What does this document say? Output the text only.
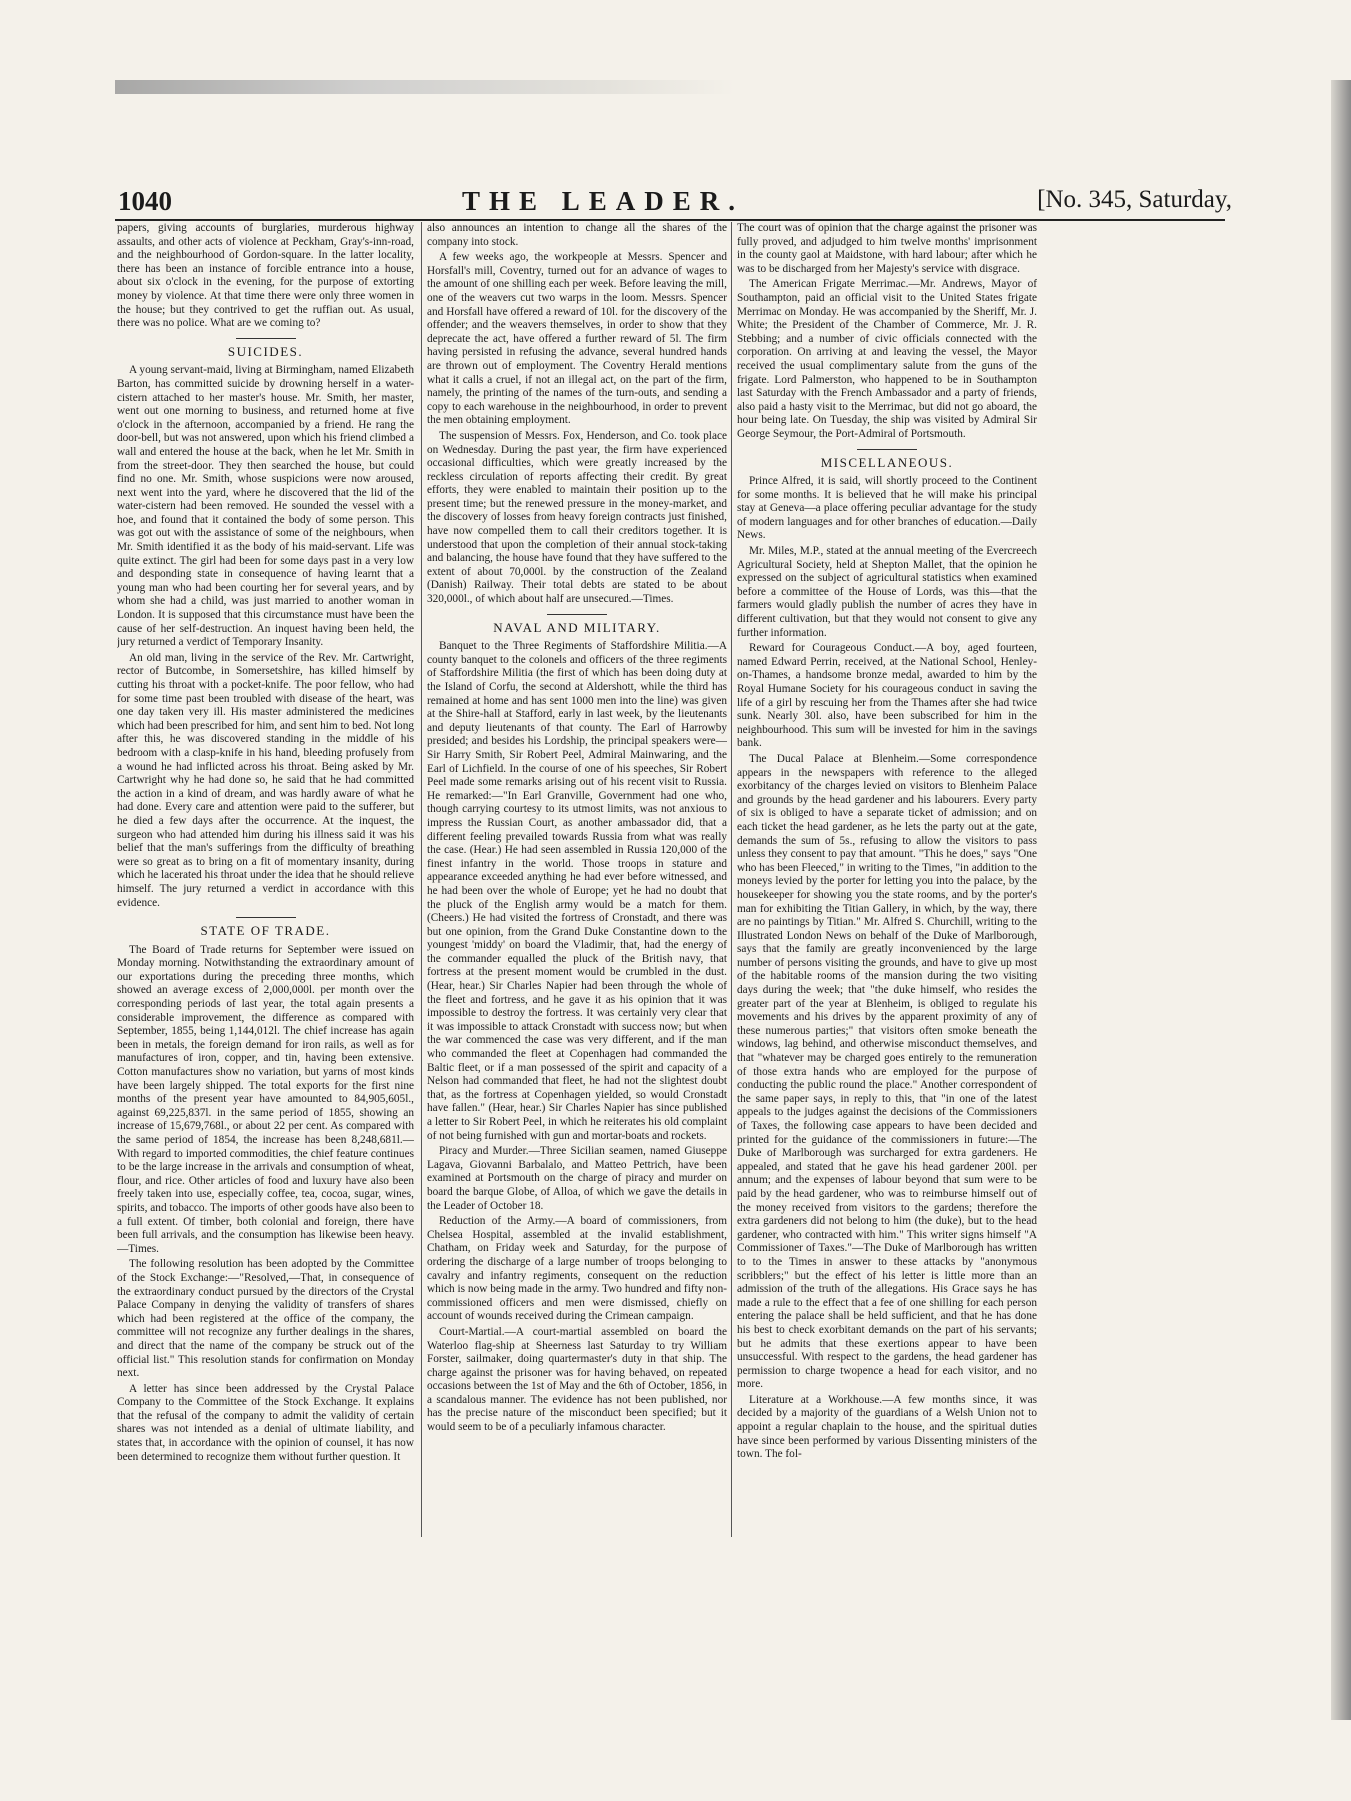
1040	THE LEADER.	[No. 345, Saturday,

papers, giving accounts of burglaries, murderous highway assaults, and other acts of violence at Peckham, Gray's-inn-road, and the neighbourhood of Gordon-square. In the latter locality, there has been an instance of forcible entrance into a house, about six o'clock in the evening, for the purpose of extorting money by violence. At that time there were only three women in the house; but they contrived to get the ruffian out. As usual, there was no police. What are we coming to?

SUICIDES.

A young servant-maid, living at Birmingham, named Elizabeth Barton, has committed suicide by drowning herself in a water-cistern attached to her master's house. Mr. Smith, her master, went out one morning to business, and returned home at five o'clock in the afternoon, accompanied by a friend. He rang the door-bell, but was not answered, upon which his friend climbed a wall and entered the house at the back, when he let Mr. Smith in from the street-door. They then searched the house, but could find no one. Mr. Smith, whose suspicions were now aroused, next went into the yard, where he discovered that the lid of the water-cistern had been removed. He sounded the vessel with a hoe, and found that it contained the body of some person. This was got out with the assistance of some of the neighbours, when Mr. Smith identified it as the body of his maid-servant. Life was quite extinct. The girl had been for some days past in a very low and desponding state in consequence of having learnt that a young man who had been courting her for several years, and by whom she had a child, was just married to another woman in London. It is supposed that this circumstance must have been the cause of her self-destruction. An inquest having been held, the jury returned a verdict of Temporary Insanity.

An old man, living in the service of the Rev. Mr. Cartwright, rector of Butcombe, in Somersetshire, has killed himself by cutting his throat with a pocket-knife. The poor fellow, who had for some time past been troubled with disease of the heart, was one day taken very ill. His master administered the medicines which had been prescribed for him, and sent him to bed. Not long after this, he was discovered standing in the middle of his bedroom with a clasp-knife in his hand, bleeding profusely from a wound he had inflicted across his throat. Being asked by Mr. Cartwright why he had done so, he said that he had committed the action in a kind of dream, and was hardly aware of what he had done. Every care and attention were paid to the sufferer, but he died a few days after the occurrence. At the inquest, the surgeon who had attended him during his illness said it was his belief that the man's sufferings from the difficulty of breathing were so great as to bring on a fit of momentary insanity, during which he lacerated his throat under the idea that he should relieve himself. The jury returned a verdict in accordance with this evidence.

STATE OF TRADE.

The Board of Trade returns for September were issued on Monday morning. Notwithstanding the extraordinary amount of our exportations during the preceding three months, which showed an average excess of 2,000,000l. per month over the corresponding periods of last year, the total again presents a considerable improvement, the difference as compared with September, 1855, being 1,144,012l. The chief increase has again been in metals, the foreign demand for iron rails, as well as for manufactures of iron, copper, and tin, having been extensive. Cotton manufactures show no variation, but yarns of most kinds have been largely shipped. The total exports for the first nine months of the present year have amounted to 84,905,605l., against 69,225,837l. in the same period of 1855, showing an increase of 15,679,768l., or about 22 per cent. As compared with the same period of 1854, the increase has been 8,248,681l.—With regard to imported commodities, the chief feature continues to be the large increase in the arrivals and consumption of wheat, flour, and rice. Other articles of food and luxury have also been freely taken into use, especially coffee, tea, cocoa, sugar, wines, spirits, and tobacco. The imports of other goods have also been to a full extent. Of timber, both colonial and foreign, there have been full arrivals, and the consumption has likewise been heavy.—Times.

The following resolution has been adopted by the Committee of the Stock Exchange:—"Resolved,—That, in consequence of the extraordinary conduct pursued by the directors of the Crystal Palace Company in denying the validity of transfers of shares which had been registered at the office of the company, the committee will not recognize any further dealings in the shares, and direct that the name of the company be struck out of the official list." This resolution stands for confirmation on Monday next.

A letter has since been addressed by the Crystal Palace Company to the Committee of the Stock Exchange. It explains that the refusal of the company to admit the validity of certain shares was not intended as a denial of ultimate liability, and states that, in accordance with the opinion of counsel, it has now been determined to recognize them without further question. It

also announces an intention to change all the shares of the company into stock.

A few weeks ago, the workpeople at Messrs. Spencer and Horsfall's mill, Coventry, turned out for an advance of wages to the amount of one shilling each per week. Before leaving the mill, one of the weavers cut two warps in the loom. Messrs. Spencer and Horsfall have offered a reward of 10l. for the discovery of the offender; and the weavers themselves, in order to show that they deprecate the act, have offered a further reward of 5l. The firm having persisted in refusing the advance, several hundred hands are thrown out of employment. The Coventry Herald mentions what it calls a cruel, if not an illegal act, on the part of the firm, namely, the printing of the names of the turn-outs, and sending a copy to each warehouse in the neighbourhood, in order to prevent the men obtaining employment.

The suspension of Messrs. Fox, Henderson, and Co. took place on Wednesday. During the past year, the firm have experienced occasional difficulties, which were greatly increased by the reckless circulation of reports affecting their credit. By great efforts, they were enabled to maintain their position up to the present time; but the renewed pressure in the money-market, and the discovery of losses from heavy foreign contracts just finished, have now compelled them to call their creditors together. It is understood that upon the completion of their annual stock-taking and balancing, the house have found that they have suffered to the extent of about 70,000l. by the construction of the Zealand (Danish) Railway. Their total debts are stated to be about 320,000l., of which about half are unsecured.—Times.

NAVAL AND MILITARY.

Banquet to the Three Regiments of Staffordshire Militia.—A county banquet to the colonels and officers of the three regiments of Staffordshire Militia (the first of which has been doing duty at the Island of Corfu, the second at Aldershott, while the third has remained at home and has sent 1000 men into the line) was given at the Shire-hall at Stafford, early in last week, by the lieutenants and deputy lieutenants of that county. The Earl of Harrowby presided; and besides his Lordship, the principal speakers were—Sir Harry Smith, Sir Robert Peel, Admiral Mainwaring, and the Earl of Lichfield. In the course of one of his speeches, Sir Robert Peel made some remarks arising out of his recent visit to Russia. He remarked:—"In Earl Granville, Government had one who, though carrying courtesy to its utmost limits, was not anxious to impress the Russian Court, as another ambassador did, that a different feeling prevailed towards Russia from what was really the case. (Hear.) He had seen assembled in Russia 120,000 of the finest infantry in the world. Those troops in stature and appearance exceeded anything he had ever before witnessed, and he had been over the whole of Europe; yet he had no doubt that the pluck of the English army would be a match for them. (Cheers.) He had visited the fortress of Cronstadt, and there was but one opinion, from the Grand Duke Constantine down to the youngest 'middy' on board the Vladimir, that, had the energy of the commander equalled the pluck of the British navy, that fortress at the present moment would be crumbled in the dust. (Hear, hear.) Sir Charles Napier had been through the whole of the fleet and fortress, and he gave it as his opinion that it was impossible to destroy the fortress. It was certainly very clear that it was impossible to attack Cronstadt with success now; but when the war commenced the case was very different, and if the man who commanded the fleet at Copenhagen had commanded the Baltic fleet, or if a man possessed of the spirit and capacity of a Nelson had commanded that fleet, he had not the slightest doubt that, as the fortress at Copenhagen yielded, so would Cronstadt have fallen." (Hear, hear.) Sir Charles Napier has since published a letter to Sir Robert Peel, in which he reiterates his old complaint of not being furnished with gun and mortar-boats and rockets.

Piracy and Murder.—Three Sicilian seamen, named Giuseppe Lagava, Giovanni Barbalalo, and Matteo Pettrich, have been examined at Portsmouth on the charge of piracy and murder on board the barque Globe, of Alloa, of which we gave the details in the Leader of October 18.

Reduction of the Army.—A board of commissioners, from Chelsea Hospital, assembled at the invalid establishment, Chatham, on Friday week and Saturday, for the purpose of ordering the discharge of a large number of troops belonging to cavalry and infantry regiments, consequent on the reduction which is now being made in the army. Two hundred and fifty non-commissioned officers and men were dismissed, chiefly on account of wounds received during the Crimean campaign.

Court-Martial.—A court-martial assembled on board the Waterloo flag-ship at Sheerness last Saturday to try William Forster, sailmaker, doing quartermaster's duty in that ship. The charge against the prisoner was for having behaved, on repeated occasions between the 1st of May and the 6th of October, 1856, in a scandalous manner. The evidence has not been published, nor has the precise nature of the misconduct been specified; but it would seem to be of a peculiarly infamous character.

The court was of opinion that the charge against the prisoner was fully proved, and adjudged to him twelve months' imprisonment in the county gaol at Maidstone, with hard labour; after which he was to be discharged from her Majesty's service with disgrace.

The American Frigate Merrimac.—Mr. Andrews, Mayor of Southampton, paid an official visit to the United States frigate Merrimac on Monday. He was accompanied by the Sheriff, Mr. J. White; the President of the Chamber of Commerce, Mr. J. R. Stebbing; and a number of civic officials connected with the corporation. On arriving at and leaving the vessel, the Mayor received the usual complimentary salute from the guns of the frigate. Lord Palmerston, who happened to be in Southampton last Saturday with the French Ambassador and a party of friends, also paid a hasty visit to the Merrimac, but did not go aboard, the hour being late. On Tuesday, the ship was visited by Admiral Sir George Seymour, the Port-Admiral of Portsmouth.

MISCELLANEOUS.

Prince Alfred, it is said, will shortly proceed to the Continent for some months. It is believed that he will make his principal stay at Geneva—a place offering peculiar advantage for the study of modern languages and for other branches of education.—Daily News.

Mr. Miles, M.P., stated at the annual meeting of the Evercreech Agricultural Society, held at Shepton Mallet, that the opinion he expressed on the subject of agricultural statistics when examined before a committee of the House of Lords, was this—that the farmers would gladly publish the number of acres they have in different cultivation, but that they would not consent to give any further information.

Reward for Courageous Conduct.—A boy, aged fourteen, named Edward Perrin, received, at the National School, Henley-on-Thames, a handsome bronze medal, awarded to him by the Royal Humane Society for his courageous conduct in saving the life of a girl by rescuing her from the Thames after she had twice sunk. Nearly 30l. also, have been subscribed for him in the neighbourhood. This sum will be invested for him in the savings bank.

The Ducal Palace at Blenheim.—Some correspondence appears in the newspapers with reference to the alleged exorbitancy of the charges levied on visitors to Blenheim Palace and grounds by the head gardener and his labourers. Every party of six is obliged to have a separate ticket of admission; and on each ticket the head gardener, as he lets the party out at the gate, demands the sum of 5s., refusing to allow the visitors to pass unless they consent to pay that amount. "This he does," says "One who has been Fleeced," in writing to the Times, "in addition to the moneys levied by the porter for letting you into the palace, by the housekeeper for showing you the state rooms, and by the porter's man for exhibiting the Titian Gallery, in which, by the way, there are no paintings by Titian." Mr. Alfred S. Churchill, writing to the Illustrated London News on behalf of the Duke of Marlborough, says that the family are greatly inconvenienced by the large number of persons visiting the grounds, and have to give up most of the habitable rooms of the mansion during the two visiting days during the week; that "the duke himself, who resides the greater part of the year at Blenheim, is obliged to regulate his movements and his drives by the apparent proximity of any of these numerous parties;" that visitors often smoke beneath the windows, lag behind, and otherwise misconduct themselves, and that "whatever may be charged goes entirely to the remuneration of those extra hands who are employed for the purpose of conducting the public round the place." Another correspondent of the same paper says, in reply to this, that "in one of the latest appeals to the judges against the decisions of the Commissioners of Taxes, the following case appears to have been decided and printed for the guidance of the commissioners in future:—The Duke of Marlborough was surcharged for extra gardeners. He appealed, and stated that he gave his head gardener 200l. per annum; and the expenses of labour beyond that sum were to be paid by the head gardener, who was to reimburse himself out of the money received from visitors to the gardens; therefore the extra gardeners did not belong to him (the duke), but to the head gardener, who contracted with him." This writer signs himself "A Commissioner of Taxes."—The Duke of Marlborough has written to to the Times in answer to these attacks by "anonymous scribblers;" but the effect of his letter is little more than an admission of the truth of the allegations. His Grace says he has made a rule to the effect that a fee of one shilling for each person entering the palace shall be held sufficient, and that he has done his best to check exorbitant demands on the part of his servants; but he admits that these exertions appear to have been unsuccessful. With respect to the gardens, the head gardener has permission to charge twopence a head for each visitor, and no more.

Literature at a Workhouse.—A few months since, it was decided by a majority of the guardians of a Welsh Union not to appoint a regular chaplain to the house, and the spiritual duties have since been performed by various Dissenting ministers of the town. The fol-
